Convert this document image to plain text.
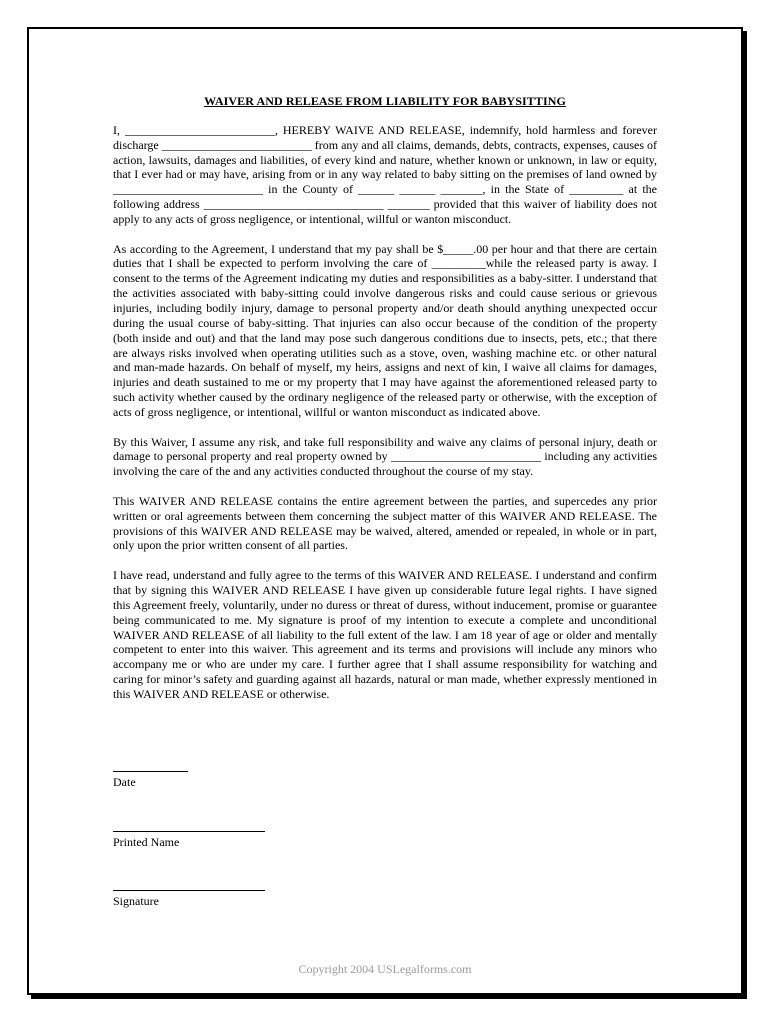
WAIVER AND RELEASE FROM LIABILITY FOR BABYSITTING

I, _________________________, HEREBY WAIVE AND RELEASE, indemnify, hold harmless and forever discharge _________________________ from any and all claims, demands, debts, contracts, expenses, causes of action, lawsuits, damages and liabilities, of every kind and nature, whether known or unknown, in law or equity, that I ever had or may have, arising from or in any way related to baby sitting on the premises of land owned by _________________________ in the County of ______ ______ _______, in the State of _________ at the following address ______________________________ _______ provided that this waiver of liability does not apply to any acts of gross negligence, or intentional, willful or wanton misconduct.

As according to the Agreement, I understand that my pay shall be $_____.00 per hour and that there are certain duties that I shall be expected to perform involving the care of _________while the released party is away. I consent to the terms of the Agreement indicating my duties and responsibilities as a baby-sitter. I understand that the activities associated with baby-sitting could involve dangerous risks and could cause serious or grievous injuries, including bodily injury, damage to personal property and/or death should anything unexpected occur during the usual course of baby-sitting. That injuries can also occur because of the condition of the property (both inside and out) and that the land may pose such dangerous conditions due to insects, pets, etc.; that there are always risks involved when operating utilities such as a stove, oven, washing machine etc. or other natural and man-made hazards. On behalf of myself, my heirs, assigns and next of kin, I waive all claims for damages, injuries and death sustained to me or my property that I may have against the aforementioned released party to such activity whether caused by the ordinary negligence of the released party or otherwise, with the exception of acts of gross negligence, or intentional, willful or wanton misconduct as indicated above.

By this Waiver, I assume any risk, and take full responsibility and waive any claims of personal injury, death or damage to personal property and real property owned by _________________________ including any activities involving the care of the and any activities conducted throughout the course of my stay.

This WAIVER AND RELEASE contains the entire agreement between the parties, and supercedes any prior written or oral agreements between them concerning the subject matter of this WAIVER AND RELEASE. The provisions of this WAIVER AND RELEASE may be waived, altered, amended or repealed, in whole or in part, only upon the prior written consent of all parties.

I have read, understand and fully agree to the terms of this WAIVER AND RELEASE. I understand and confirm that by signing this WAIVER AND RELEASE I have given up considerable future legal rights. I have signed this Agreement freely, voluntarily, under no duress or threat of duress, without inducement, promise or guarantee being communicated to me. My signature is proof of my intention to execute a complete and unconditional WAIVER AND RELEASE of all liability to the full extent of the law. I am 18 year of age or older and mentally competent to enter into this waiver. This agreement and its terms and provisions will include any minors who accompany me or who are under my care. I further agree that I shall assume responsibility for watching and caring for minor’s safety and guarding against all hazards, natural or man made, whether expressly mentioned in this WAIVER AND RELEASE or otherwise.

Date
Printed Name
Signature
Copyright 2004 USLegalforms.com
